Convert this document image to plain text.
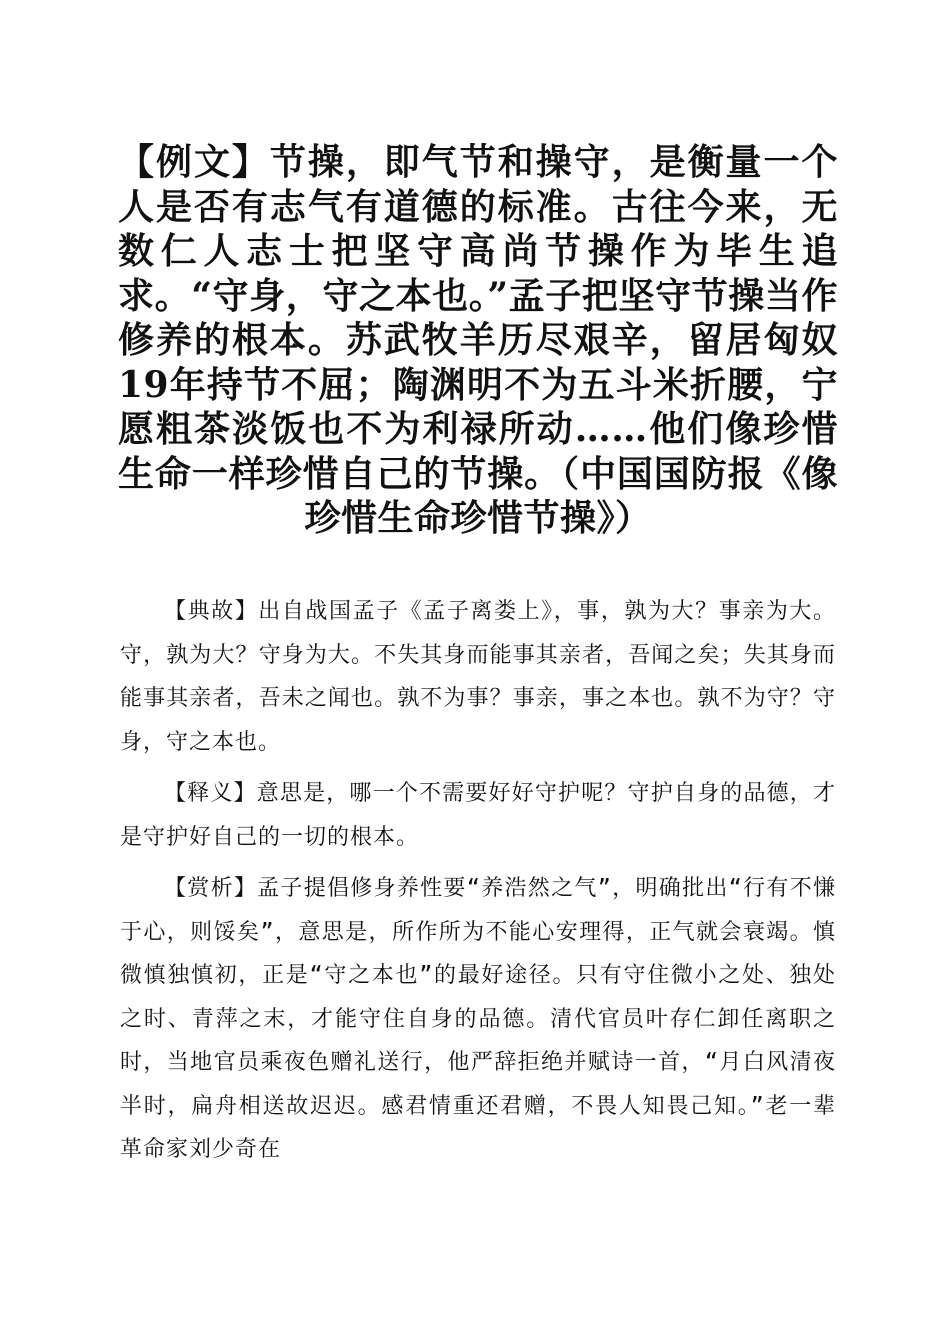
【例文】节操，即气节和操守，是衡量一个人是否有志气有道德的标准。古往今来，无数仁人志士把坚守高尚节操作为毕生追求。“守身，守之本也。”孟子把坚守节操当作修养的根本。苏武牧羊历尽艰辛，留居匈奴19年持节不屈；陶渊明不为五斗米折腰，宁愿粗茶淡饭也不为利禄所动……他们像珍惜生命一样珍惜自己的节操。（中国国防报《像珍惜生命珍惜节操》）

【典故】出自战国孟子《孟子离娄上》，事，孰为大？事亲为大。守，孰为大？守身为大。不失其身而能事其亲者，吾闻之矣；失其身而能事其亲者，吾未之闻也。孰不为事？事亲，事之本也。孰不为守？守身，守之本也。

【释义】意思是，哪一个不需要好好守护呢？守护自身的品德，才是守护好自己的一切的根本。

【赏析】孟子提倡修身养性要“养浩然之气”，明确批出“行有不慊于心，则馁矣”，意思是，所作所为不能心安理得，正气就会衰竭。慎微慎独慎初，正是“守之本也”的最好途径。只有守住微小之处、独处之时、青萍之末，才能守住自身的品德。清代官员叶存仁卸任离职之时，当地官员乘夜色赠礼送行，他严辞拒绝并赋诗一首，“月白风清夜半时，扁舟相送故迟迟。感君情重还君赠，不畏人知畏己知。”老一辈革命家刘少奇在
